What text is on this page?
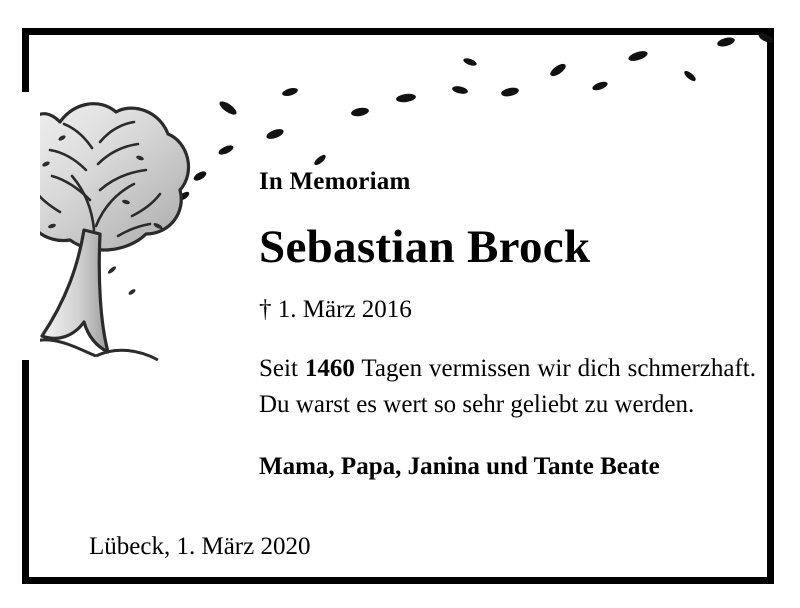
In Memoriam
Sebastian Brock
† 1. März 2016
Seit 1460 Tagen vermissen wir dich schmerzhaft. Du warst es wert so sehr geliebt zu werden.
Mama, Papa, Janina und Tante Beate
Lübeck, 1. März 2020
